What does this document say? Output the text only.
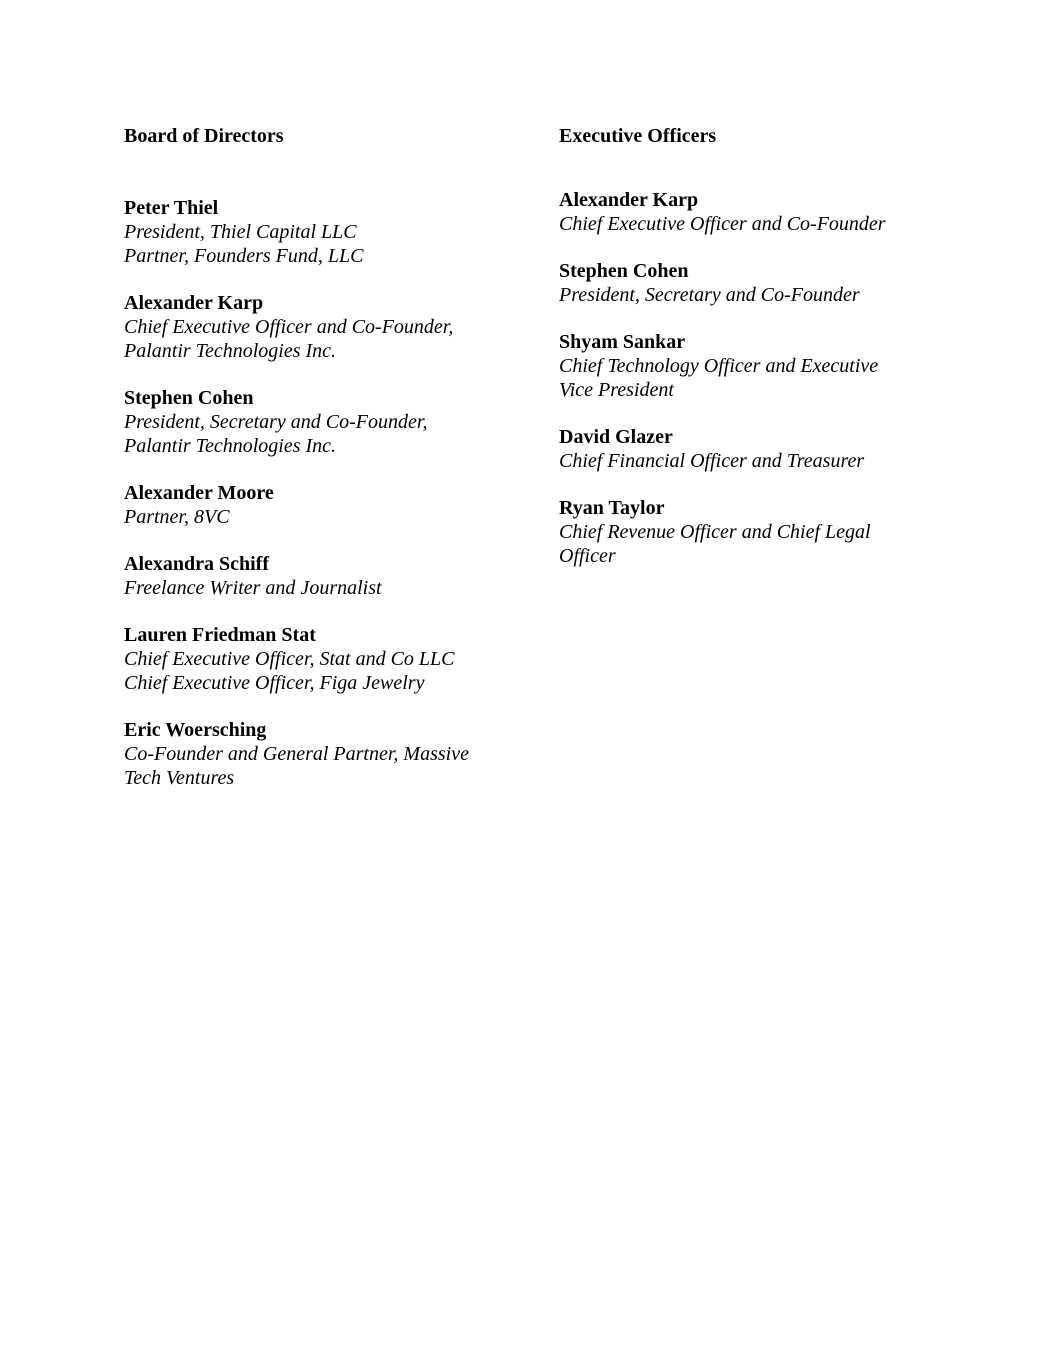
Board of Directors

Peter Thiel
President, Thiel Capital LLC
Partner, Founders Fund, LLC
Alexander Karp
Chief Executive Officer and Co-Founder,
Palantir Technologies Inc.
Stephen Cohen
President, Secretary and Co-Founder,
Palantir Technologies Inc.
Alexander Moore
Partner, 8VC
Alexandra Schiff
Freelance Writer and Journalist
Lauren Friedman Stat
Chief Executive Officer, Stat and Co LLC
Chief Executive Officer, Figa Jewelry
Eric Woersching
Co-Founder and General Partner, Massive
Tech Ventures

Executive Officers

Alexander Karp
Chief Executive Officer and Co-Founder
Stephen Cohen
President, Secretary and Co-Founder
Shyam Sankar
Chief Technology Officer and Executive
Vice President
David Glazer
Chief Financial Officer and Treasurer
Ryan Taylor
Chief Revenue Officer and Chief Legal
Officer
